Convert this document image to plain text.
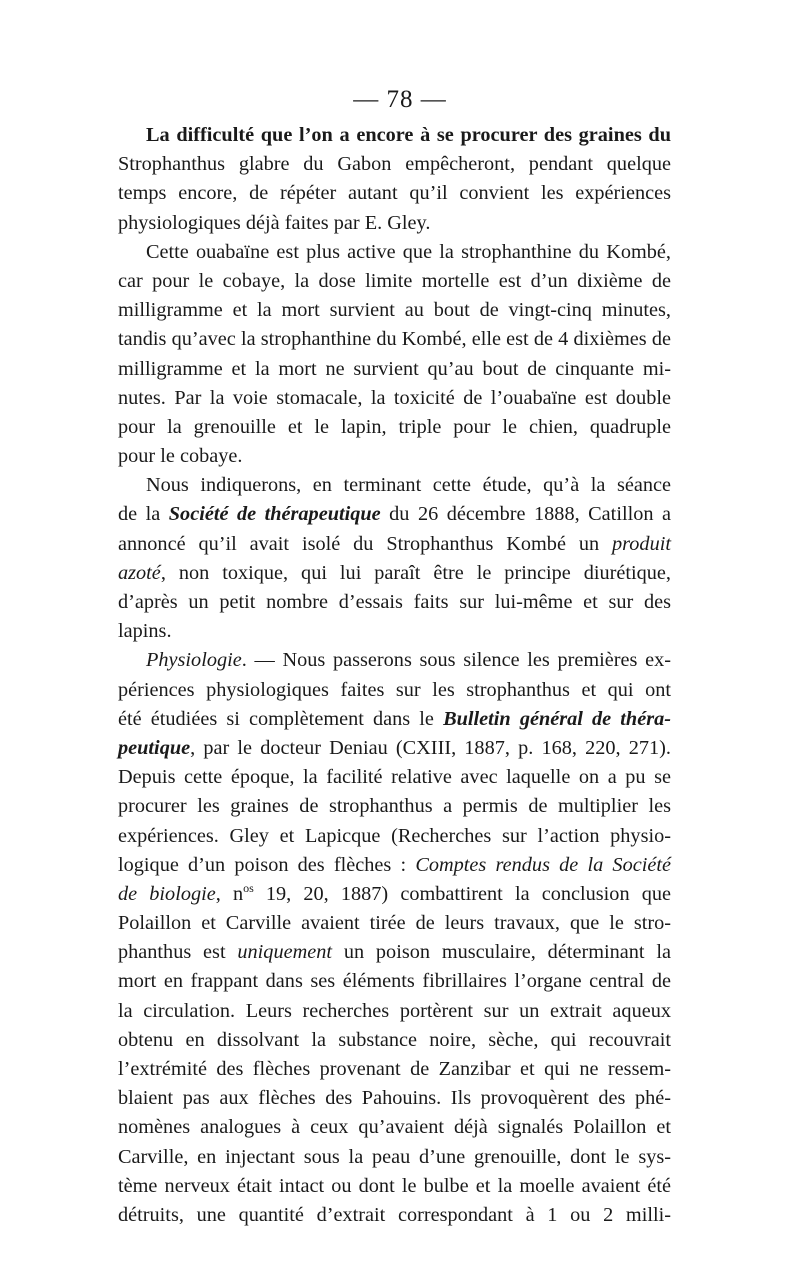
— 78 —
La difficulté que l’on a encore à se procurer des graines du
Strophanthus glabre du Gabon empêcheront, pendant quelque
temps encore, de répéter autant qu’il convient les expériences
physiologiques déjà faites par E. Gley.
Cette ouabaïne est plus active que la strophanthine du Kombé,
car pour le cobaye, la dose limite mortelle est d’un dixième de
milligramme et la mort survient au bout de vingt-cinq minutes,
tandis qu’avec la strophanthine du Kombé, elle est de 4 dixièmes de
milligramme et la mort ne survient qu’au bout de cinquante mi-
nutes. Par la voie stomacale, la toxicité de l’ouabaïne est double
pour la grenouille et le lapin, triple pour le chien, quadruple
pour le cobaye.
Nous indiquerons, en terminant cette étude, qu’à la séance
de la Société de thérapeutique du 26 décembre 1888, Catillon a
annoncé qu’il avait isolé du Strophanthus Kombé un produit
azoté, non toxique, qui lui paraît être le principe diurétique,
d’après un petit nombre d’essais faits sur lui-même et sur des
lapins.
Physiologie. — Nous passerons sous silence les premières ex-
périences physiologiques faites sur les strophanthus et qui ont
été étudiées si complètement dans le Bulletin général de théra-
peutique, par le docteur Deniau (CXIII, 1887, p. 168, 220, 271).
Depuis cette époque, la facilité relative avec laquelle on a pu se
procurer les graines de strophanthus a permis de multiplier les
expériences. Gley et Lapicque (Recherches sur l’action physio-
logique d’un poison des flèches : Comptes rendus de la Société
de biologie, $n^{os}$ 19, 20, 1887) combattirent la conclusion que
Polaillon et Carville avaient tirée de leurs travaux, que le stro-
phanthus est uniquement un poison musculaire, déterminant la
mort en frappant dans ses éléments fibrillaires l’organe central de
la circulation. Leurs recherches portèrent sur un extrait aqueux
obtenu en dissolvant la substance noire, sèche, qui recouvrait
l’extrémité des flèches provenant de Zanzibar et qui ne ressem-
blaient pas aux flèches des Pahouins. Ils provoquèrent des phé-
nomènes analogues à ceux qu’avaient déjà signalés Polaillon et
Carville, en injectant sous la peau d’une grenouille, dont le sys-
tème nerveux était intact ou dont le bulbe et la moelle avaient été
détruits, une quantité d’extrait correspondant à 1 ou 2 milli-
